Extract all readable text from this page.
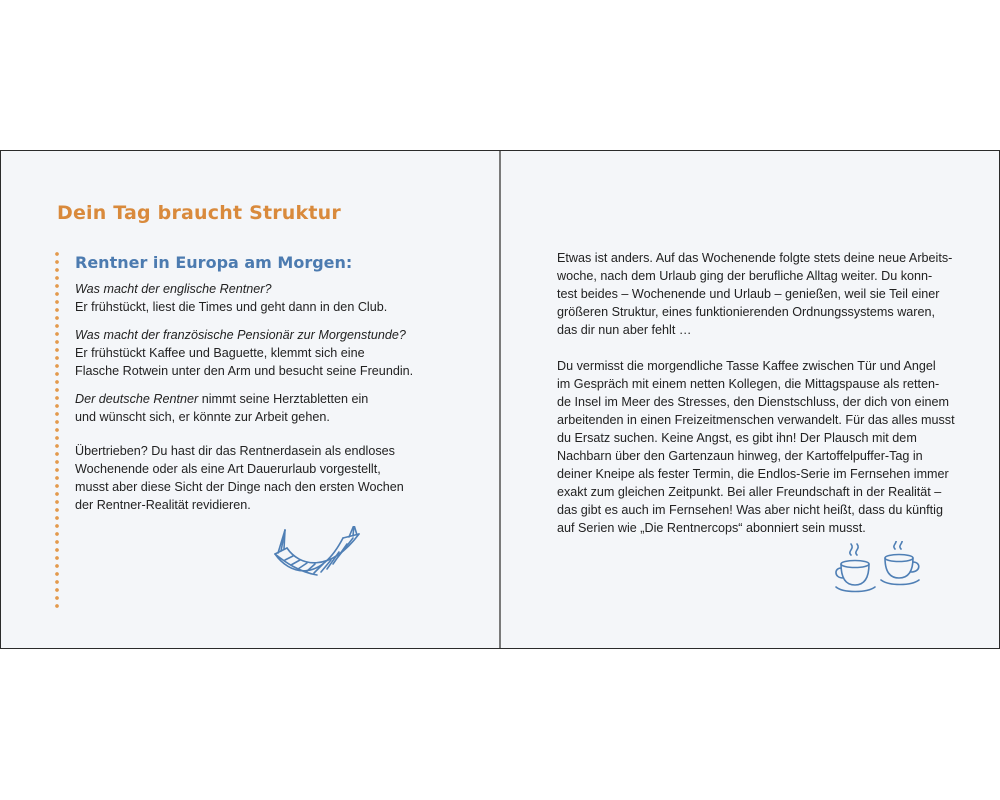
Dein Tag braucht Struktur
Rentner in Europa am Morgen:

Was macht der englische Rentner?

Er frühstückt, liest die Times und geht dann in den Club.

Was macht der französische Pensionär zur Morgenstunde?

Er frühstückt Kaffee und Baguette, klemmt sich eine
Flasche Rotwein unter den Arm und besucht seine Freundin.

Der deutsche Rentner nimmt seine Herztabletten ein
und wünscht sich, er könnte zur Arbeit gehen.

Übertrieben? Du hast dir das Rentnerdasein als endloses
Wochenende oder als eine Art Dauerurlaub vorgestellt,
musst aber diese Sicht der Dinge nach den ersten Wochen
der Rentner-Realität revidieren.

Etwas ist anders. Auf das Wochenende folgte stets deine neue Arbeits-
woche, nach dem Urlaub ging der berufliche Alltag weiter. Du konn-
test beides – Wochenende und Urlaub – genießen, weil sie Teil einer
größeren Struktur, eines funktionierenden Ordnungssystems waren,
das dir nun aber fehlt …

Du vermisst die morgendliche Tasse Kaffee zwischen Tür und Angel
im Gespräch mit einem netten Kollegen, die Mittagspause als retten-
de Insel im Meer des Stresses, den Dienstschluss, der dich von einem
arbeitenden in einen Freizeitmenschen verwandelt. Für das alles musst
du Ersatz suchen. Keine Angst, es gibt ihn! Der Plausch mit dem
Nachbarn über den Gartenzaun hinweg, der Kartoffelpuffer-Tag in
deiner Kneipe als fester Termin, die Endlos-Serie im Fernsehen immer
exakt zum gleichen Zeitpunkt. Bei aller Freundschaft in der Realität –
das gibt es auch im Fernsehen! Was aber nicht heißt, dass du künftig
auf Serien wie „Die Rentnercops“ abonniert sein musst.
